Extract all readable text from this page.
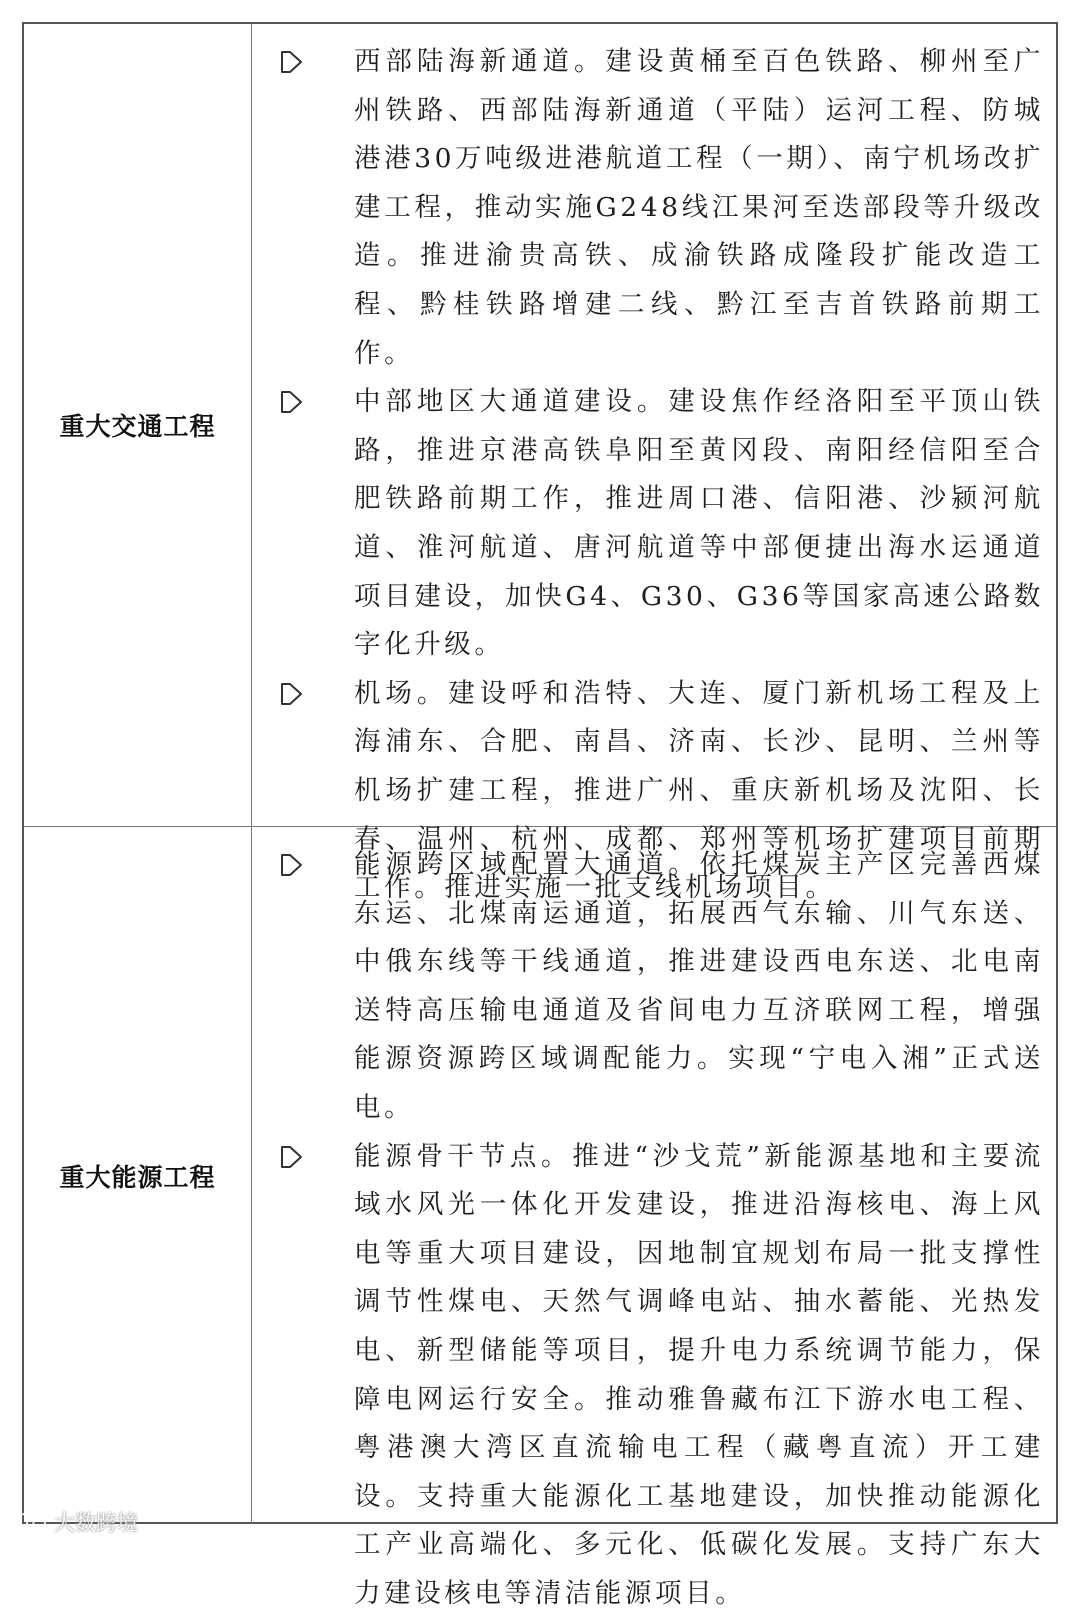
重大交通工程
西部陆海新通道。建设黄桶至百色铁路、柳州至广州铁路、西部陆海新通道（平陆）运河工程、防城港港30万吨级进港航道工程（一期）、南宁机场改扩建工程，推动实施G248线江果河至迭部段等升级改造。推进渝贵高铁、成渝铁路成隆段扩能改造工程、黔桂铁路增建二线、黔江至吉首铁路前期工作。
中部地区大通道建设。建设焦作经洛阳至平顶山铁路，推进京港高铁阜阳至黄冈段、南阳经信阳至合肥铁路前期工作，推进周口港、信阳港、沙颍河航道、淮河航道、唐河航道等中部便捷出海水运通道项目建设，加快G4、G30、G36等国家高速公路数字化升级。
机场。建设呼和浩特、大连、厦门新机场工程及上海浦东、合肥、南昌、济南、长沙、昆明、兰州等机场扩建工程，推进广州、重庆新机场及沈阳、长春、温州、杭州、成都、郑州等机场扩建项目前期工作。推进实施一批支线机场项目。
重大能源工程
能源跨区域配置大通道。依托煤炭主产区完善西煤东运、北煤南运通道，拓展西气东输、川气东送、中俄东线等干线通道，推进建设西电东送、北电南送特高压输电通道及省间电力互济联网工程，增强能源资源跨区域调配能力。实现“宁电入湘”正式送电。
能源骨干节点。推进“沙戈荒”新能源基地和主要流域水风光一体化开发建设，推进沿海核电、海上风电等重大项目建设，因地制宜规划布局一批支撑性调节性煤电、天然气调峰电站、抽水蓄能、光热发电、新型储能等项目，提升电力系统调节能力，保障电网运行安全。推动雅鲁藏布江下游水电工程、粤港澳大湾区直流输电工程（藏粤直流）开工建设。支持重大能源化工基地建设，加快推动能源化工产业高端化、多元化、低碳化发展。支持广东大力建设核电等清洁能源项目。
大数跨境
